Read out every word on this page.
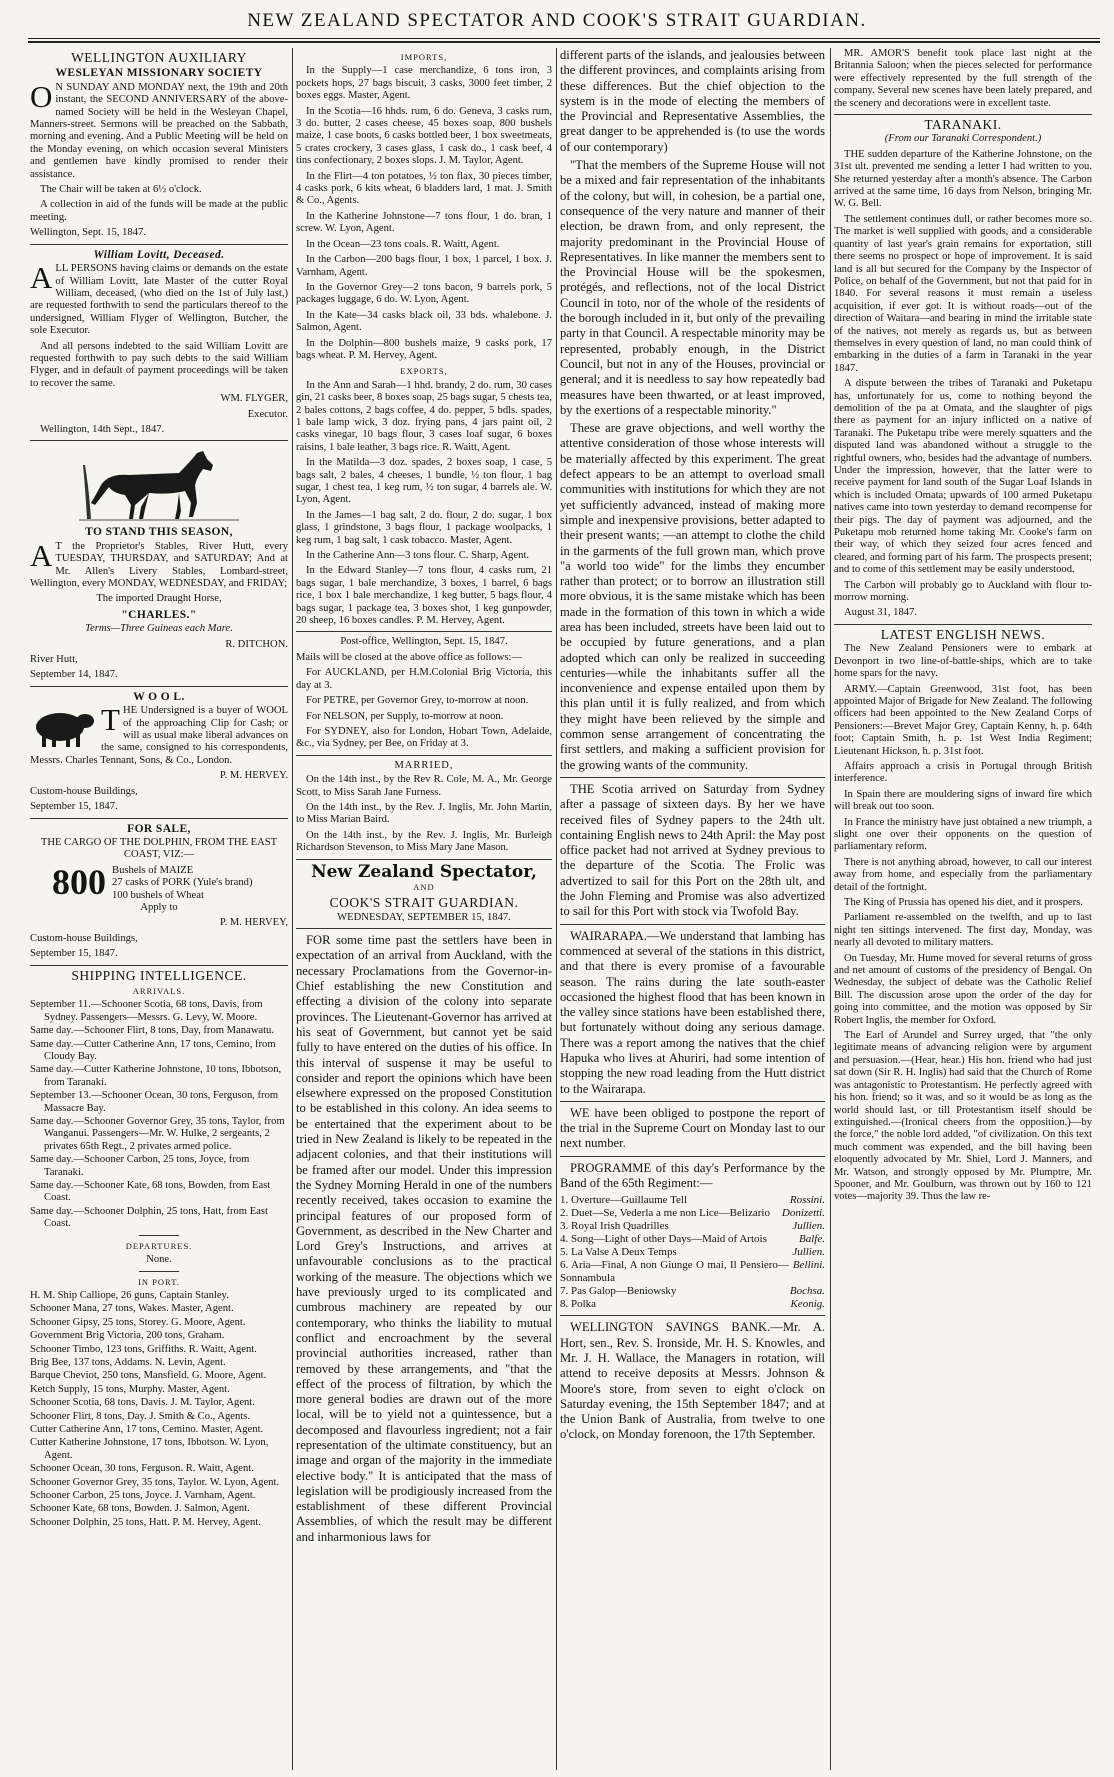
NEW ZEALAND SPECTATOR AND COOK'S STRAIT GUARDIAN.
WELLINGTON AUXILIARY
WESLEYAN MISSIONARY SOCIETY

O N SUNDAY AND MONDAY next, the 19th and 20th instant, the SECOND ANNIVERSARY of the above-named Society will be held in the Wesleyan Chapel, Manners-street. Sermons will be preached on the Sabbath, morning and evening. And a Public Meeting will be held on the Monday evening, on which occasion several Ministers and gentlemen have kindly promised to render their assistance.

The Chair will be taken at 6½ o'clock.

A collection in aid of the funds will be made at the public meeting.

Wellington, Sept. 15, 1847.

William Lovitt, Deceased.

ALL PERSONS having claims or demands on the estate of William Lovitt, late Master of the cutter Royal William, deceased, (who died on the 1st of July last,) are requested forthwith to send the particulars thereof to the undersigned, William Flyger of Wellington, Butcher, the sole Executor.

And all persons indebted to the said William Lovitt are requested forthwith to pay such debts to the said William Flyger, and in default of payment proceedings will be taken to recover the same.

WM. FLYGER,

Executor.

Wellington, 14th Sept., 1847.

TO STAND THIS SEASON,

A T the Proprietor's Stables, River Hutt, every TUESDAY, THURSDAY, and SATURDAY; And at Mr. Allen's Livery Stables, Lombard-street, Wellington, every MONDAY, WEDNESDAY, and FRIDAY;

The imported Draught Horse,

"CHARLES."

Terms—Three Guineas each Mare.

R. DITCHON.

River Hutt,

September 14, 1847.

W O O L.

THE Undersigned is a buyer of WOOL of the approaching Clip for Cash; or will as usual make liberal advances on the same, consigned to his correspondents, Messrs. Charles Tennant, Sons, & Co., London.

P. M. HERVEY.

Custom-house Buildings,

September 15, 1847.

FOR SALE,

THE CARGO OF THE DOLPHIN, FROM THE EAST COAST, VIZ:—

800 Bushels of MAIZE
27 casks of PORK (Yule's brand)
100 bushels of Wheat

Apply to

P. M. HERVEY,

Custom-house Buildings,

September 15, 1847.

SHIPPING INTELLIGENCE.
ARRIVALS.
September 11.—Schooner Scotia, 68 tons, Davis, from Sydney. Passengers—Messrs. G. Levy, W. Moore.
Same day.—Schooner Flirt, 8 tons, Day, from Manawatu.
Same day.—Cutter Catherine Ann, 17 tons, Cemino, from Cloudy Bay.
Same day.—Cutter Katherine Johnstone, 10 tons, Ibbotson, from Taranaki.
September 13.—Schooner Ocean, 30 tons, Ferguson, from Massacre Bay.
Same day.—Schooner Governor Grey, 35 tons, Taylor, from Wanganui. Passengers—Mr. W. Hulke, 2 sergeants, 2 privates 65th Regt., 2 privates armed police.
Same day.—Schooner Carbon, 25 tons, Joyce, from Taranaki.
Same day.—Schooner Kate, 68 tons, Bowden, from East Coast.
Same day.—Schooner Dolphin, 25 tons, Hatt, from East Coast.
DEPARTURES.

None.

IN PORT.
H. M. Ship Calliope, 26 guns, Captain Stanley.
Schooner Mana, 27 tons, Wakes. Master, Agent.
Schooner Gipsy, 25 tons, Storey. G. Moore, Agent.
Government Brig Victoria, 200 tons, Graham.
Schooner Timbo, 123 tons, Griffiths. R. Waitt, Agent.
Brig Bee, 137 tons, Addams. N. Levin, Agent.
Barque Cheviot, 250 tons, Mansfield. G. Moore, Agent.
Ketch Supply, 15 tons, Murphy. Master, Agent.
Schooner Scotia, 68 tons, Davis. J. M. Taylor, Agent.
Schooner Flirt, 8 tons, Day. J. Smith & Co., Agents.
Cutter Catherine Ann, 17 tons, Cemino. Master, Agent.
Cutter Katherine Johnstone, 17 tons, Ibbotson. W. Lyon, Agent.
Schooner Ocean, 30 tons, Ferguson. R. Waitt, Agent.
Schooner Governor Grey, 35 tons, Taylor. W. Lyon, Agent.
Schooner Carbon, 25 tons, Joyce. J. Varnham, Agent.
Schooner Kate, 68 tons, Bowden. J. Salmon, Agent.
Schooner Dolphin, 25 tons, Hatt. P. M. Hervey, Agent.
IMPORTS,

In the Supply—1 case merchandize, 6 tons iron, 3 pockets hops, 27 bags biscuit, 3 casks, 3000 feet timber, 2 boxes eggs. Master, Agent.

In the Scotia—16 hhds. rum, 6 do. Geneva, 3 casks rum, 3 do. butter, 2 cases cheese, 45 boxes soap, 800 bushels maize, 1 case boots, 6 casks bottled beer, 1 box sweetmeats, 5 crates crockery, 3 cases glass, 1 cask do., 1 cask beef, 4 tins confectionary, 2 boxes slops. J. M. Taylor, Agent.

In the Flirt—4 ton potatoes, ½ ton flax, 30 pieces timber, 4 casks pork, 6 kits wheat, 6 bladders lard, 1 mat. J. Smith & Co., Agents.

In the Katherine Johnstone—7 tons flour, 1 do. bran, 1 screw. W. Lyon, Agent.

In the Ocean—23 tons coals. R. Waitt, Agent.

In the Carbon—200 bags flour, 1 box, 1 parcel, 1 box. J. Varnham, Agent.

In the Governor Grey—2 tons bacon, 9 barrels pork, 5 packages luggage, 6 do. W. Lyon, Agent.

In the Kate—34 casks black oil, 33 bds. whalebone. J. Salmon, Agent.

In the Dolphin—800 bushels maize, 9 casks pork, 17 bags wheat. P. M. Hervey, Agent.

EXPORTS,

In the Ann and Sarah—1 hhd. brandy, 2 do. rum, 30 cases gin, 21 casks beer, 8 boxes soap, 25 bags sugar, 5 chests tea, 2 bales cottons, 2 bags coffee, 4 do. pepper, 5 bdls. spades, 1 bale lamp wick, 3 doz. frying pans, 4 jars paint oil, 2 casks vinegar, 10 bags flour, 3 cases loaf sugar, 6 boxes raisins, 1 bale leather, 3 bags rice. R. Waitt, Agent.

In the Matilda—3 doz. spades, 2 boxes soap, 1 case, 5 bags salt, 2 bales, 4 cheeses, 1 bundle, ½ ton flour, 1 bag sugar, 1 chest tea, 1 keg rum, ½ ton sugar, 4 barrels ale. W. Lyon, Agent.

In the James—1 bag salt, 2 do. flour, 2 do. sugar, 1 box glass, 1 grindstone, 3 bags flour, 1 package woolpacks, 1 keg rum, 1 bag salt, 1 cask tobacco. Master, Agent.

In the Catherine Ann—3 tons flour. C. Sharp, Agent.

In the Edward Stanley—7 tons flour, 4 casks rum, 21 bags sugar, 1 bale merchandize, 3 boxes, 1 barrel, 6 bags rice, 1 box 1 bale merchandize, 1 keg butter, 5 bags flour, 4 bags sugar, 1 package tea, 3 boxes shot, 1 keg gunpowder, 20 sheep, 16 boxes candles. P. M. Hervey, Agent.

Post-office, Wellington, Sept. 15, 1847.

Mails will be closed at the above office as follows:—

For AUCKLAND, per H.M.Colonial Brig Victoria, this day at 3.

For PETRE, per Governor Grey, to-morrow at noon.

For NELSON, per Supply, to-morrow at noon.

For SYDNEY, also for London, Hobart Town, Adelaide, &c., via Sydney, per Bee, on Friday at 3.

MARRIED,

On the 14th inst., by the Rev R. Cole, M. A., Mr. George Scott, to Miss Sarah Jane Furness.

On the 14th inst., by the Rev. J. Inglis, Mr. John Martin, to Miss Marian Baird.

On the 14th inst., by the Rev. J. Inglis, Mr. Burleigh Richardson Stevenson, to Miss Mary Jane Mason.

New Zealand Spectator,
AND
COOK'S STRAIT GUARDIAN.

WEDNESDAY, SEPTEMBER 15, 1847.

FOR some time past the settlers have been in expectation of an arrival from Auckland, with the necessary Proclamations from the Governor-in-Chief establishing the new Constitution and effecting a division of the colony into separate provinces. The Lieutenant-Governor has arrived at his seat of Government, but cannot yet be said fully to have entered on the duties of his office. In this interval of suspense it may be useful to consider and report the opinions which have been elsewhere expressed on the proposed Constitution to be established in this colony. An idea seems to be entertained that the experiment about to be tried in New Zealand is likely to be repeated in the adjacent colonies, and that their institutions will be framed after our model. Under this impression the Sydney Morning Herald in one of the numbers recently received, takes occasion to examine the principal features of our proposed form of Government, as described in the New Charter and Lord Grey's Instructions, and arrives at unfavourable conclusions as to the practical working of the measure. The objections which we have previously urged to its complicated and cumbrous machinery are repeated by our contemporary, who thinks the liability to mutual conflict and encroachment by the several provincial authorities increased, rather than removed by these arrangements, and "that the effect of the process of filtration, by which the more general bodies are drawn out of the more local, will be to yield not a quintessence, but a decomposed and flavourless ingredient; not a fair representation of the ultimate constituency, but an image and organ of the majority in the immediate elective body." It is anticipated that the mass of legislation will be prodigiously increased from the establishment of these different Provincial Assemblies, of which the result may be different and inharmonious laws for

different parts of the islands, and jealousies between the different provinces, and complaints arising from these differences. But the chief objection to the system is in the mode of electing the members of the Provincial and Representative Assemblies, the great danger to be apprehended is (to use the words of our contemporary)

"That the members of the Supreme House will not be a mixed and fair representation of the inhabitants of the colony, but will, in cohesion, be a partial one, consequence of the very nature and manner of their election, be drawn from, and only represent, the majority predominant in the Provincial House of Representatives. In like manner the members sent to the Provincial House will be the spokesmen, protégés, and reflections, not of the local District Council in toto, nor of the whole of the residents of the borough included in it, but only of the prevailing party in that Council. A respectable minority may be represented, probably enough, in the District Council, but not in any of the Houses, provincial or general; and it is needless to say how repeatedly bad measures have been thwarted, or at least improved, by the exertions of a respectable minority."

These are grave objections, and well worthy the attentive consideration of those whose interests will be materially affected by this experiment. The great defect appears to be an attempt to overload small communities with institutions for which they are not yet sufficiently advanced, instead of making more simple and inexpensive provisions, better adapted to their present wants; —an attempt to clothe the child in the garments of the full grown man, which prove "a world too wide" for the limbs they encumber rather than protect; or to borrow an illustration still more obvious, it is the same mistake which has been made in the formation of this town in which a wide area has been included, streets have been laid out to be occupied by future generations, and a plan adopted which can only be realized in succeeding centuries—while the inhabitants suffer all the inconvenience and expense entailed upon them by this plan until it is fully realized, and from which they might have been relieved by the simple and common sense arrangement of concentrating the first settlers, and making a sufficient provision for the growing wants of the community.

THE Scotia arrived on Saturday from Sydney after a passage of sixteen days. By her we have received files of Sydney papers to the 24th ult. containing English news to 24th April: the May post office packet had not arrived at Sydney previous to the departure of the Scotia. The Frolic was advertized to sail for this Port on the 28th ult, and the John Fleming and Promise was also advertized to sail for this Port with stock via Twofold Bay.

WAIRARAPA.—We understand that lambing has commenced at several of the stations in this district, and that there is every promise of a favourable season. The rains during the late south-easter occasioned the highest flood that has been known in the valley since stations have been established there, but fortunately without doing any serious damage. There was a report among the natives that the chief Hapuka who lives at Ahuriri, had some intention of stopping the new road leading from the Hutt district to the Wairarapa.

WE have been obliged to postpone the report of the trial in the Supreme Court on Monday last to our next number.

PROGRAMME of this day's Performance by the Band of the 65th Regiment:—

1. Overture—Guillaume Tell	Rossini.
2. Duet—Se, Vederla a me non Lice—Belizario	Donizetti.
3. Royal Irish Quadrilles	Jullien.
4. Song—Light of other Days—Maid of Artois	Balfe.
5. La Valse A Deux Temps	Jullien.
6. Aria—Final, A non Giunge O mai, Il Pensiero—Sonnambula
Bellini.
7. Pas Galop—Beniowsky	Bochsa.
8. Polka	Keonig.

WELLINGTON SAVINGS BANK.—Mr. A. Hort, sen., Rev. S. Ironside, Mr. H. S. Knowles, and Mr. J. H. Wallace, the Managers in rotation, will attend to receive deposits at Messrs. Johnson & Moore's store, from seven to eight o'clock on Saturday evening, the 15th September 1847; and at the Union Bank of Australia, from twelve to one o'clock, on Monday forenoon, the 17th September.

MR. AMOR'S benefit took place last night at the Britannia Saloon; when the pieces selected for performance were effectively represented by the full strength of the company. Several new scenes have been lately prepared, and the scenery and decorations were in excellent taste.

TARANAKI.

(From our Taranaki Correspondent.)

THE sudden departure of the Katherine Johnstone, on the 31st ult. prevented me sending a letter I had written to you. She returned yesterday after a month's absence. The Carbon arrived at the same time, 16 days from Nelson, bringing Mr. W. G. Bell.

The settlement continues dull, or rather becomes more so. The market is well supplied with goods, and a considerable quantity of last year's grain remains for exportation, still there seems no prospect or hope of improvement. It is said land is all but secured for the Company by the Inspector of Police, on behalf of the Government, but not that paid for in 1840. For several reasons it must remain a useless acquisition, if ever got. It is without roads—out of the direction of Waitara—and bearing in mind the irritable state of the natives, not merely as regards us, but as between themselves in every question of land, no man could think of embarking in the duties of a farm in Taranaki in the year 1847.

A dispute between the tribes of Taranaki and Puketapu has, unfortunately for us, come to nothing beyond the demolition of the pa at Omata, and the slaughter of pigs there as payment for an injury inflicted on a native of Taranaki. The Puketapu tribe were merely squatters and the disputed land was abandoned without a struggle to the rightful owners, who, besides had the advantage of numbers. Under the impression, however, that the latter were to receive payment for land south of the Sugar Loaf Islands in which is included Omata; upwards of 100 armed Puketapu natives came into town yesterday to demand recompense for their pigs. The day of payment was adjourned, and the Puketapu mob returned home taking Mr. Cooke's farm on their way, of which they seized four acres fenced and cleared, and forming part of his farm. The prospects present; and to come of this settlement may be easily understood.

The Carbon will probably go to Auckland with flour to-morrow morning.

August 31, 1847.

LATEST ENGLISH NEWS.

The New Zealand Pensioners were to embark at Devonport in two line-of-battle-ships, which are to take home spars for the navy.

ARMY.—Captain Greenwood, 31st foot, has been appointed Major of Brigade for New Zealand. The following officers had been appointed to the New Zealand Corps of Pensioners:—Brevet Major Grey, Captain Kenny, h. p. 64th foot; Captain Smith, h. p. 1st West India Regiment; Lieutenant Hickson, h. p. 31st foot.

Affairs approach a crisis in Portugal through British interference.

In Spain there are mouldering signs of inward fire which will break out too soon.

In France the ministry have just obtained a new triumph, a slight one over their opponents on the question of parliamentary reform.

There is not anything abroad, however, to call our interest away from home, and especially from the parliamentary detail of the fortnight.

The King of Prussia has opened his diet, and it prospers.

Parliament re-assembled on the twelfth, and up to last night ten sittings intervened. The first day, Monday, was nearly all devoted to military matters.

On Tuesday, Mr. Hume moved for several returns of gross and net amount of customs of the presidency of Bengal. On Wednesday, the subject of debate was the Catholic Relief Bill. The discussion arose upon the order of the day for going into committee, and the motion was opposed by Sir Robert Inglis, the member for Oxford.

The Earl of Arundel and Surrey urged, that "the only legitimate means of advancing religion were by argument and persuasion.—(Hear, hear.) His hon. friend who had just sat down (Sir R. H. Inglis) had said that the Church of Rome was antagonistic to Protestantism. He perfectly agreed with his hon. friend; so it was, and so it would be as long as the world should last, or till Protestantism itself should be extinguished.—(Ironical cheers from the opposition.)—by the force," the noble lord added, "of civilization. On this text much comment was expended, and the bill having been eloquently advocated by Mr. Shiel, Lord J. Manners, and Mr. Watson, and strongly opposed by Mr. Plumptre, Mr. Spooner, and Mr. Goulburn, was thrown out by 160 to 121 votes—majority 39. Thus the law re-
